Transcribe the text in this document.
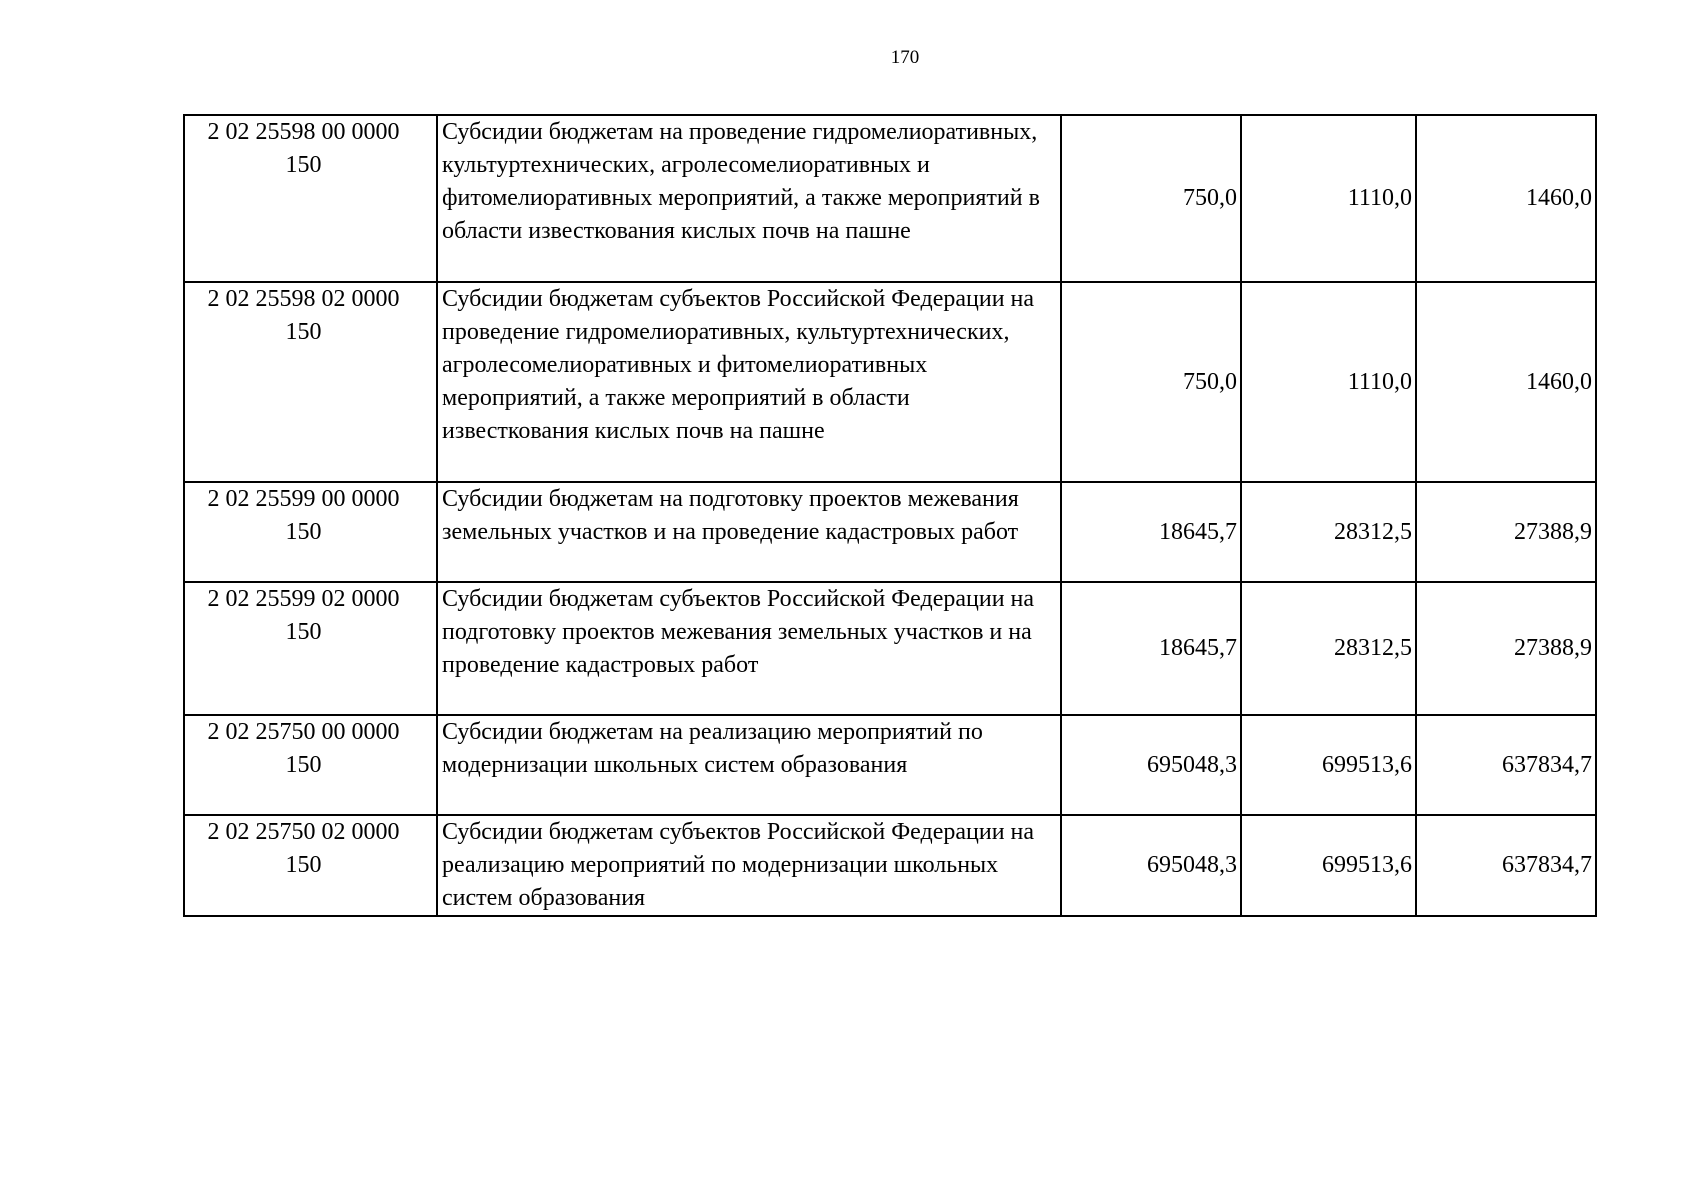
170
2 02 25598 00 0000 150	Субсидии бюджетам на проведение гидромелиоративных, культуртехнических, агролесомелиоративных и фитомелиоративных мероприятий, а также мероприятий в области известкования кислых почв на пашне	750,0	1110,0	1460,0
2 02 25598 02 0000 150	Субсидии бюджетам субъектов Российской Федерации на проведение гидромелиоративных, культуртехнических, агролесомелиоративных и фитомелиоративных мероприятий, а также мероприятий в области известкования кислых почв на пашне	750,0	1110,0	1460,0
2 02 25599 00 0000 150	Субсидии бюджетам на подготовку проектов межевания земельных участков и на проведение кадастровых работ	18645,7	28312,5	27388,9
2 02 25599 02 0000 150	Субсидии бюджетам субъектов Российской Федерации на подготовку проектов межевания земельных участков и на проведение кадастровых работ	18645,7	28312,5	27388,9
2 02 25750 00 0000 150	Субсидии бюджетам на реализацию мероприятий по модернизации школьных систем образования	695048,3	699513,6	637834,7
2 02 25750 02 0000 150	Субсидии бюджетам субъектов Российской Федерации на реализацию мероприятий по модернизации школьных систем образования	695048,3	699513,6	637834,7
